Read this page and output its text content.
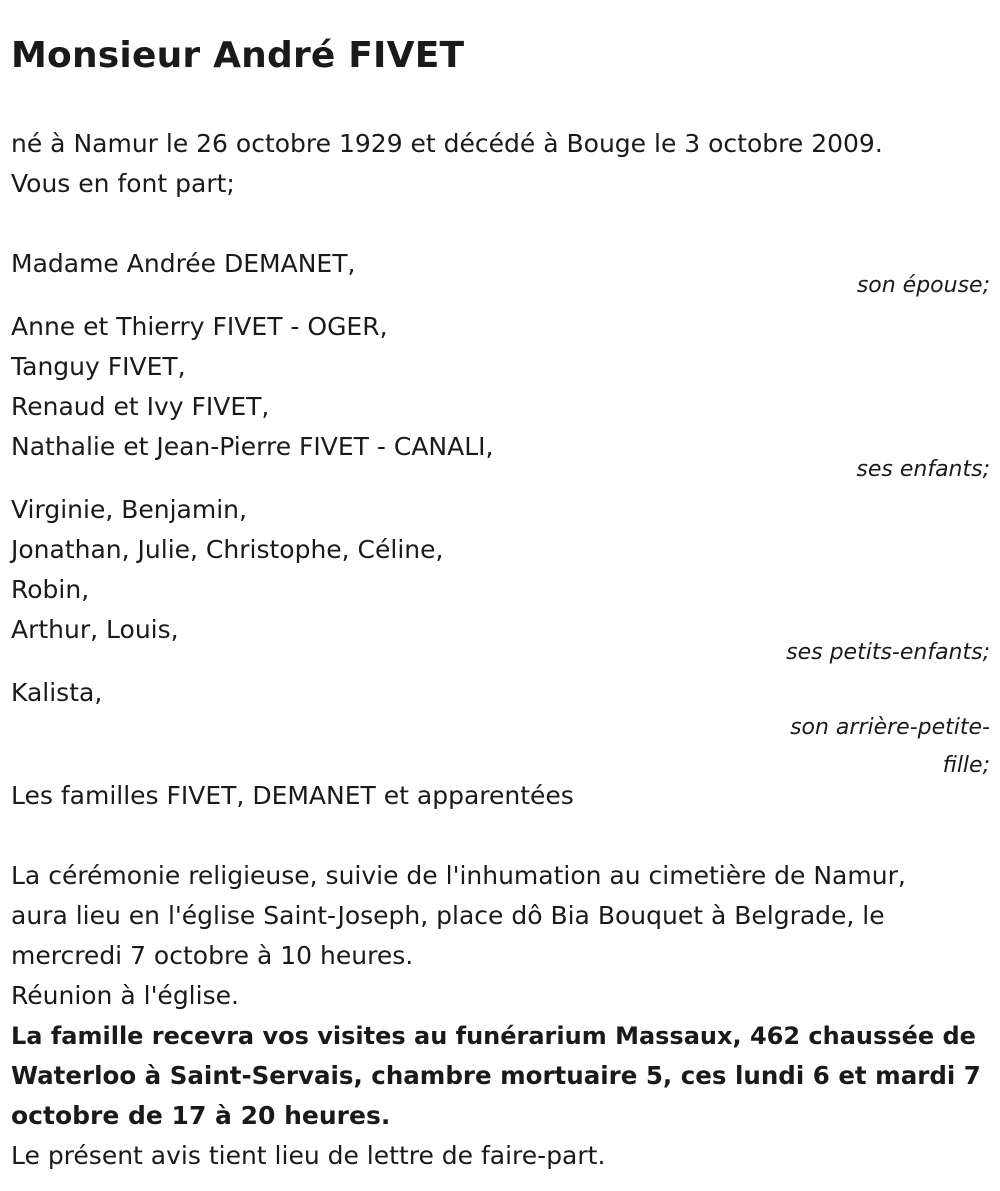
Monsieur André FIVET
né à Namur le 26 octobre 1929 et décédé à Bouge le 3 octobre 2009.
Vous en font part;
Madame Andrée DEMANET,
son épouse;
Anne et Thierry FIVET - OGER,
Tanguy FIVET,
Renaud et Ivy FIVET,
Nathalie et Jean-Pierre FIVET - CANALI,
ses enfants;
Virginie, Benjamin,
Jonathan, Julie, Christophe, Céline,
Robin,
Arthur, Louis,
ses petits-enfants;
Kalista,
son arrière-petite-
fille;
Les familles FIVET, DEMANET et apparentées
La cérémonie religieuse, suivie de l'inhumation au cimetière de Namur,
aura lieu en l'église Saint-Joseph, place dô Bia Bouquet à Belgrade, le
mercredi 7 octobre à 10 heures.
Réunion à l'église.
La famille recevra vos visites au funérarium Massaux, 462 chaussée de
Waterloo à Saint-Servais, chambre mortuaire 5, ces lundi 6 et mardi 7
octobre de 17 à 20 heures.
Le présent avis tient lieu de lettre de faire-part.
